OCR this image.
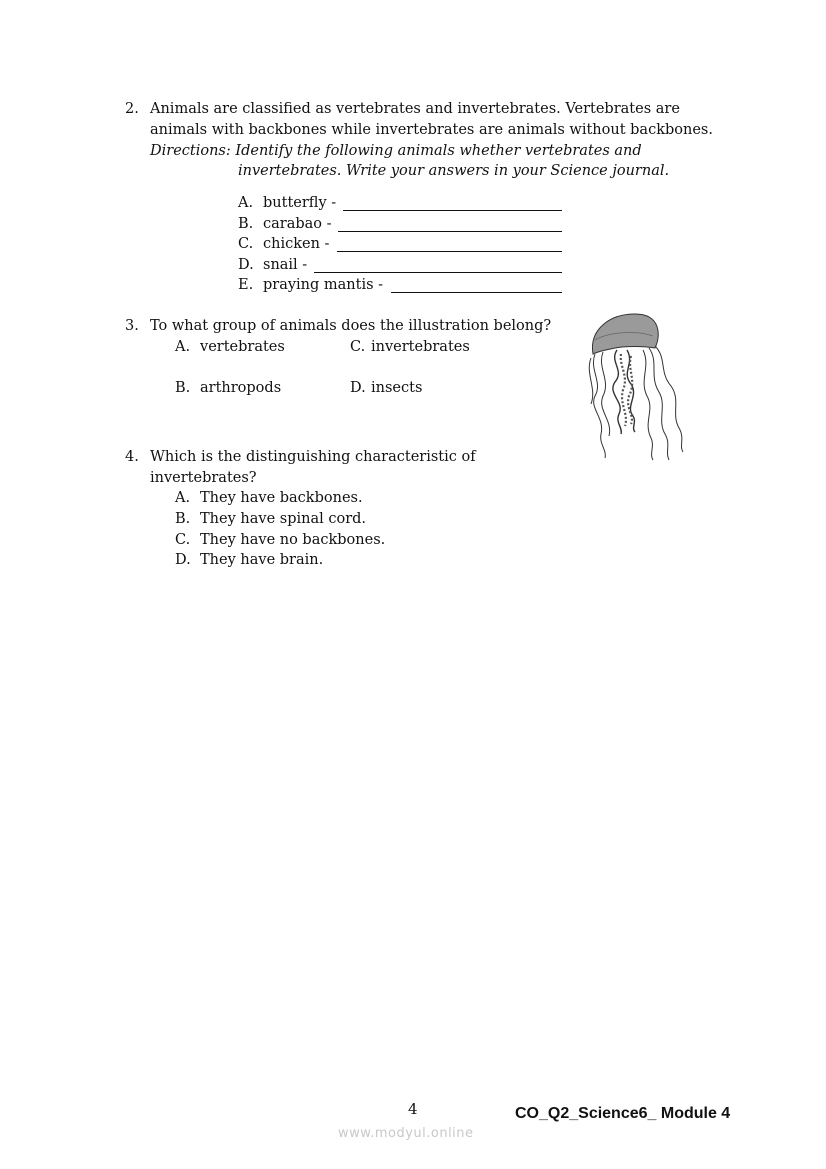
2. Animals are classified as vertebrates and invertebrates. Vertebrates are
animals with backbones while invertebrates are animals without backbones.
Directions: Identify the following animals whether vertebrates and
invertebrates. Write your answers in your Science journal.
A. butterfly -
B. carabao -
C. chicken -
D. snail -
E. praying mantis -
3. To what group of animals does the illustration belong?
A. vertebrates	C. invertebrates
B. arthropods	D. insects
4. Which is the distinguishing characteristic of
invertebrates?
A. They have backbones.
B. They have spinal cord.
C. They have no backbones.
D. They have brain.
4	CO_Q2_Science6_ Module 4
www.modyul.online
